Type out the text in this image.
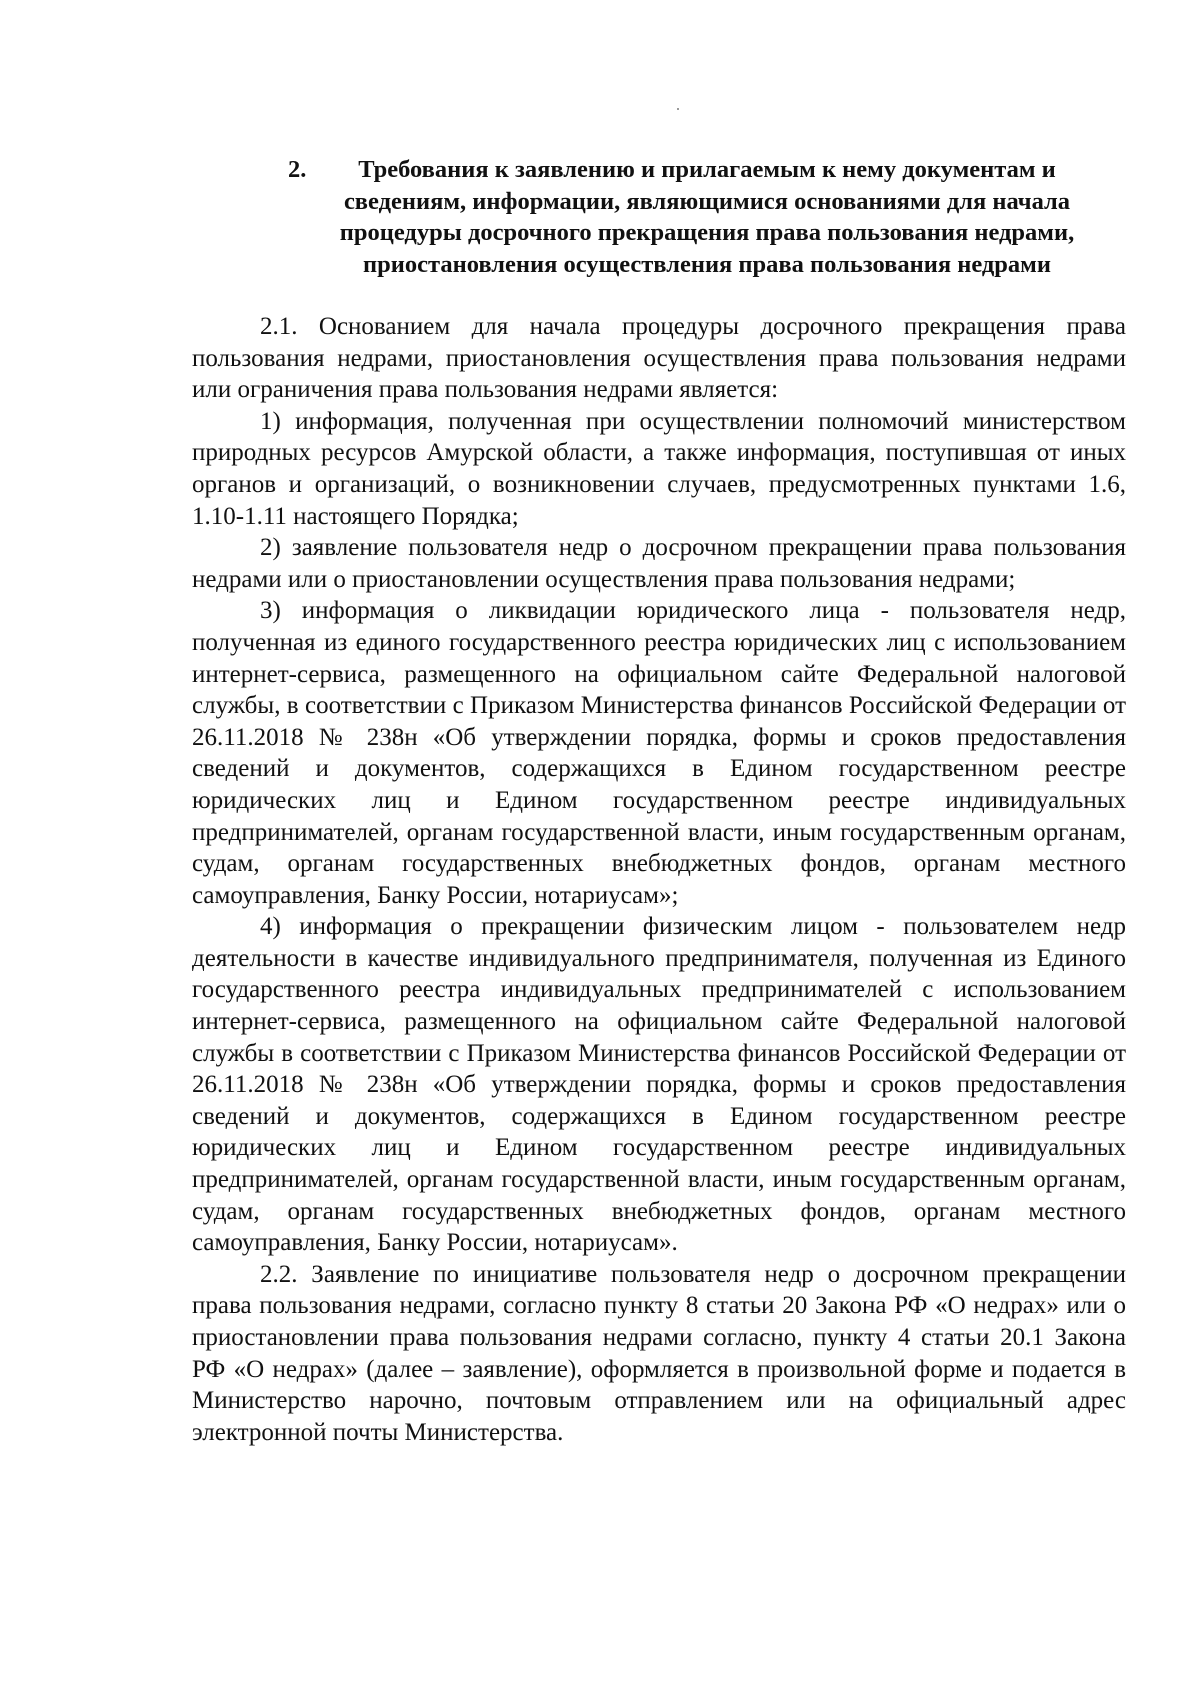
2.	Требования к заявлению и прилагаемым к нему документам и сведениям, информации, являющимися основаниями для начала процедуры досрочного прекращения права пользования недрами, приостановления осуществления права пользования недрами

2.1. Основанием для начала процедуры досрочного прекращения права пользования недрами, приостановления осуществления права пользования недрами или ограничения права пользования недрами является:

1) информация, полученная при осуществлении полномочий министерством природных ресурсов Амурской области, а также информация, поступившая от иных органов и организаций, о возникновении случаев, предусмотренных пунктами 1.6, 1.10-1.11 настоящего Порядка;

2) заявление пользователя недр о досрочном прекращении права пользования недрами или о приостановлении осуществления права пользования недрами;

3) информация о ликвидации юридического лица - пользователя недр, полученная из единого государственного реестра юридических лиц с использованием интернет-сервиса, размещенного на официальном сайте Федеральной налоговой службы, в соответствии с Приказом Министерства финансов Российской Федерации от 26.11.2018 № 238н «Об утверждении порядка, формы и сроков предоставления сведений и документов, содержащихся в Едином государственном реестре юридических лиц и Едином государственном реестре индивидуальных предпринимателей, органам государственной власти, иным государственным органам, судам, органам государственных внебюджетных фондов, органам местного самоуправления, Банку России, нотариусам»;

4) информация о прекращении физическим лицом - пользователем недр деятельности в качестве индивидуального предпринимателя, полученная из Единого государственного реестра индивидуальных предпринимателей с использованием интернет-сервиса, размещенного на официальном сайте Федеральной налоговой службы в соответствии с Приказом Министерства финансов Российской Федерации от 26.11.2018 № 238н «Об утверждении порядка, формы и сроков предоставления сведений и документов, содержащихся в Едином государственном реестре юридических лиц и Едином государственном реестре индивидуальных предпринимателей, органам государственной власти, иным государственным органам, судам, органам государственных внебюджетных фондов, органам местного самоуправления, Банку России, нотариусам».

2.2. Заявление по инициативе пользователя недр о досрочном прекращении права пользования недрами, согласно пункту 8 статьи 20 Закона РФ «О недрах» или о приостановлении права пользования недрами согласно, пункту 4 статьи 20.1 Закона РФ «О недрах» (далее – заявление), оформляется в произвольной форме и подается в Министерство нарочно, почтовым отправлением или на официальный адрес электронной почты Министерства.
